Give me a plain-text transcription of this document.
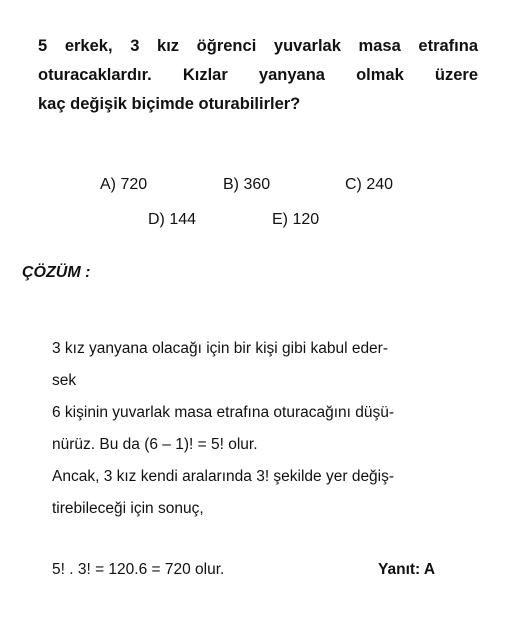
5 erkek, 3 kız öğrenci yuvarlak masa etrafına
oturacaklardır. Kızlar yanyana olmak üzere
kaç değişik biçimde oturabilirler?
A) 720	B) 360	C) 240
D) 144	E) 120
ÇÖZÜM :
3 kız yanyana olacağı için bir kişi gibi kabul eder-
sek
6 kişinin yuvarlak masa etrafına oturacağını düşü-
nürüz. Bu da (6 – 1)! = 5! olur.
Ancak, 3 kız kendi aralarında 3! şekilde yer değiş-
tirebileceği için sonuç,
5! . 3! = 120.6 = 720 olur.	Yanıt: A
